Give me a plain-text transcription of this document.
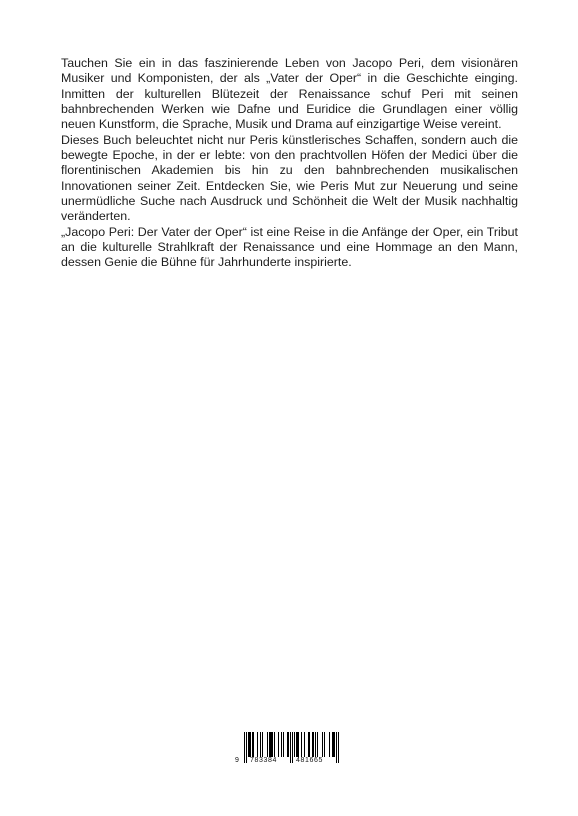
Tauchen Sie ein in das faszinierende Leben von Jacopo Peri, dem visionären Musiker und Komponisten, der als „Vater der Oper“ in die Geschichte einging. Inmitten der kulturellen Blütezeit der Renaissance schuf Peri mit seinen bahnbrechenden Werken wie Dafne und Euridice die Grundlagen einer völlig neuen Kunstform, die Sprache, Musik und Drama auf einzigartige Weise vereint.

Dieses Buch beleuchtet nicht nur Peris künstlerisches Schaffen, sondern auch die bewegte Epoche, in der er lebte: von den prachtvollen Höfen der Medici über die florentinischen Akademien bis hin zu den bahnbrechenden musikalischen Innovationen seiner Zeit. Entdecken Sie, wie Peris Mut zur Neuerung und seine unermüdliche Suche nach Ausdruck und Schönheit die Welt der Musik nachhaltig veränderten.

„Jacopo Peri: Der Vater der Oper“ ist eine Reise in die Anfänge der Oper, ein Tribut an die kulturelle Strahlkraft der Renaissance und eine Hommage an den Mann, dessen Genie die Bühne für Jahrhunderte inspirierte.

9 783384	481665
